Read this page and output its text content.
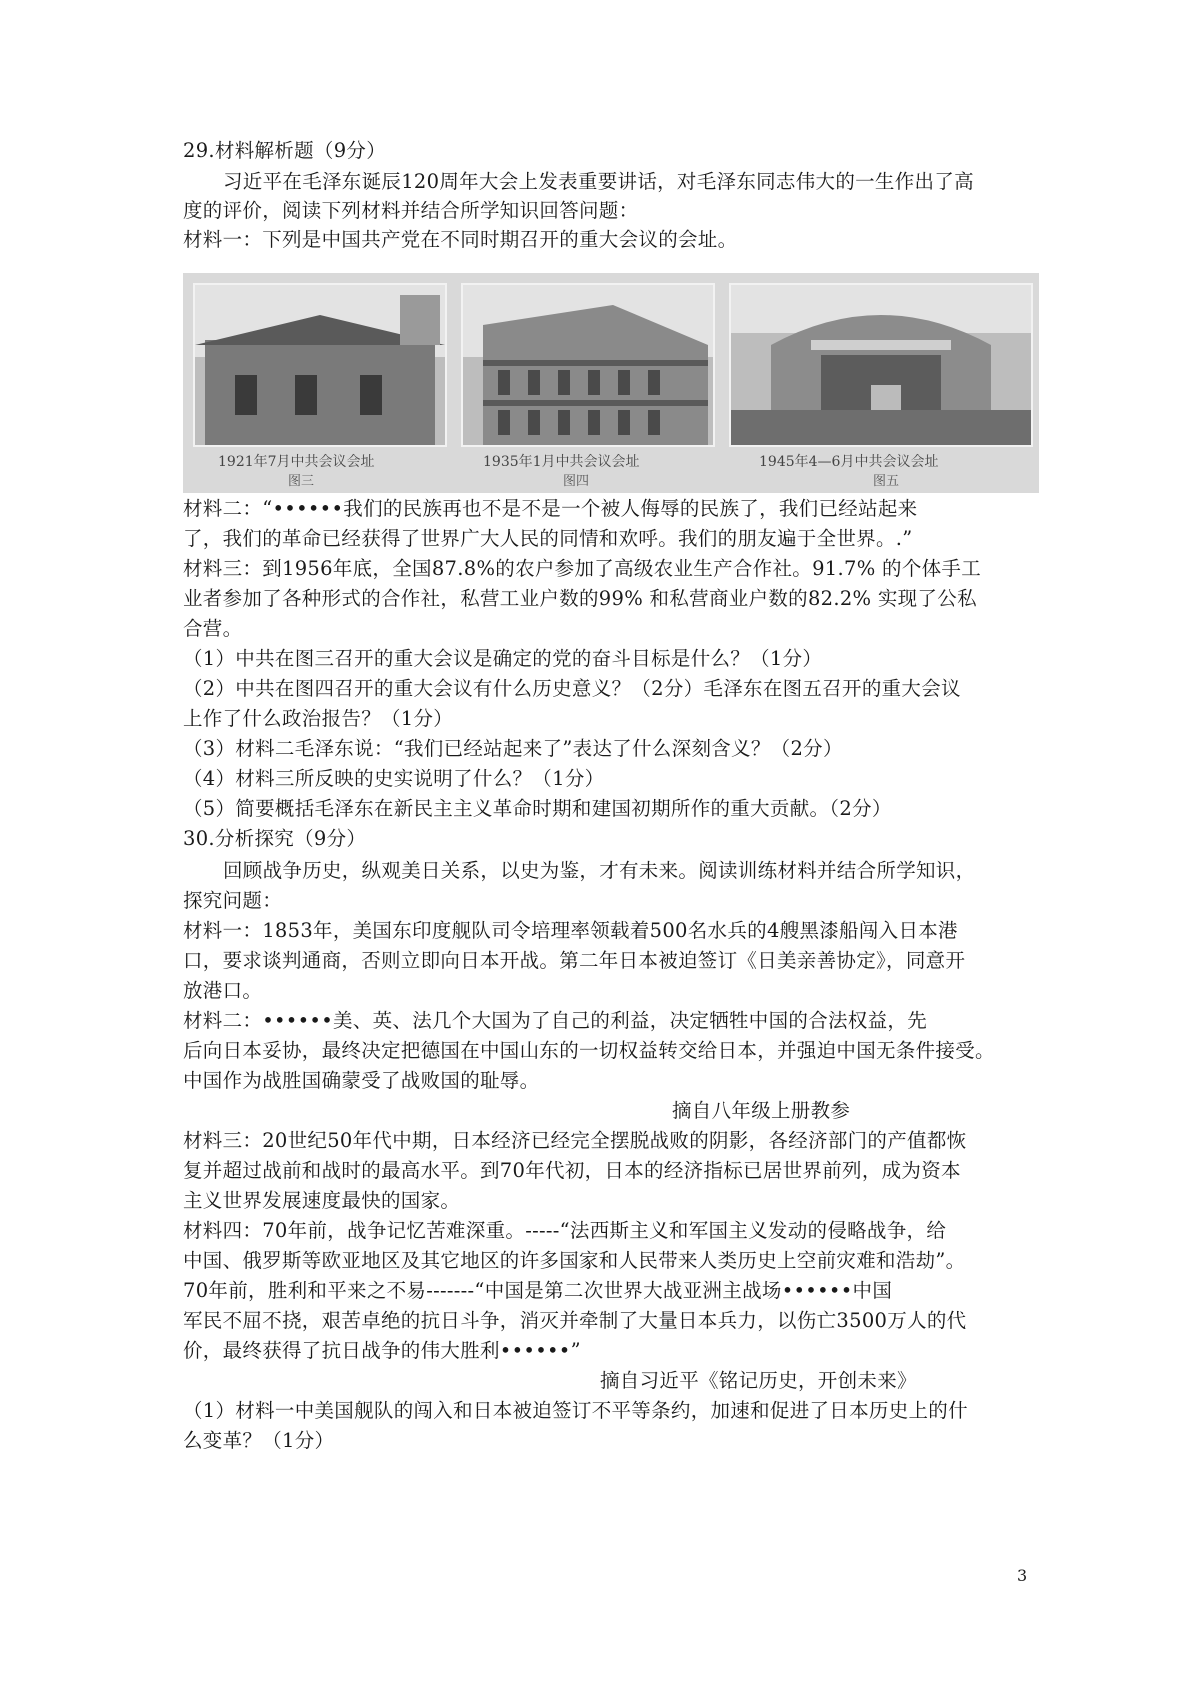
29.材料解析题（9分）
习近平在毛泽东诞辰120周年大会上发表重要讲话，对毛泽东同志伟大的一生作出了高
度的评价，阅读下列材料并结合所学知识回答问题：
材料一：下列是中国共产党在不同时期召开的重大会议的会址。
1921年7月中共会议会址	1935年1月中共会议会址	1945年4—6月中共会议会址
图三	图四	图五
材料二：“••••••我们的民族再也不是不是一个被人侮辱的民族了，我们已经站起来
了，我们的革命已经获得了世界广大人民的同情和欢呼。我们的朋友遍于全世界。.”
材料三：到1956年底，全国87.8%的农户参加了高级农业生产合作社。91.7% 的个体手工
业者参加了各种形式的合作社，私营工业户数的99% 和私营商业户数的82.2% 实现了公私
合营。
（1）中共在图三召开的重大会议是确定的党的奋斗目标是什么？（1分）
（2）中共在图四召开的重大会议有什么历史意义？（2分）毛泽东在图五召开的重大会议
上作了什么政治报告？（1分）
（3）材料二毛泽东说：“我们已经站起来了”表达了什么深刻含义？（2分）
（4）材料三所反映的史实说明了什么？（1分）
（5）简要概括毛泽东在新民主主义革命时期和建国初期所作的重大贡献。（2分）
30.分析探究（9分）
回顾战争历史，纵观美日关系，以史为鉴，才有未来。阅读训练材料并结合所学知识，
探究问题：
材料一：1853年，美国东印度舰队司令培理率领载着500名水兵的4艘黑漆船闯入日本港
口，要求谈判通商，否则立即向日本开战。第二年日本被迫签订《日美亲善协定》，同意开
放港口。
材料二：••••••美、英、法几个大国为了自己的利益，决定牺牲中国的合法权益，先
后向日本妥协，最终决定把德国在中国山东的一切权益转交给日本，并强迫中国无条件接受。
中国作为战胜国确蒙受了战败国的耻辱。
摘自八年级上册教参
材料三：20世纪50年代中期，日本经济已经完全摆脱战败的阴影，各经济部门的产值都恢
复并超过战前和战时的最高水平。到70年代初，日本的经济指标已居世界前列，成为资本
主义世界发展速度最快的国家。
材料四：70年前，战争记忆苦难深重。-----“法西斯主义和军国主义发动的侵略战争，给
中国、俄罗斯等欧亚地区及其它地区的许多国家和人民带来人类历史上空前灾难和浩劫”。
70年前，胜利和平来之不易-------“中国是第二次世界大战亚洲主战场••••••中国
军民不屈不挠，艰苦卓绝的抗日斗争，消灭并牵制了大量日本兵力，以伤亡3500万人的代
价，最终获得了抗日战争的伟大胜利••••••”
摘自习近平《铭记历史，开创未来》
（1）材料一中美国舰队的闯入和日本被迫签订不平等条约，加速和促进了日本历史上的什
么变革？（1分）
3
